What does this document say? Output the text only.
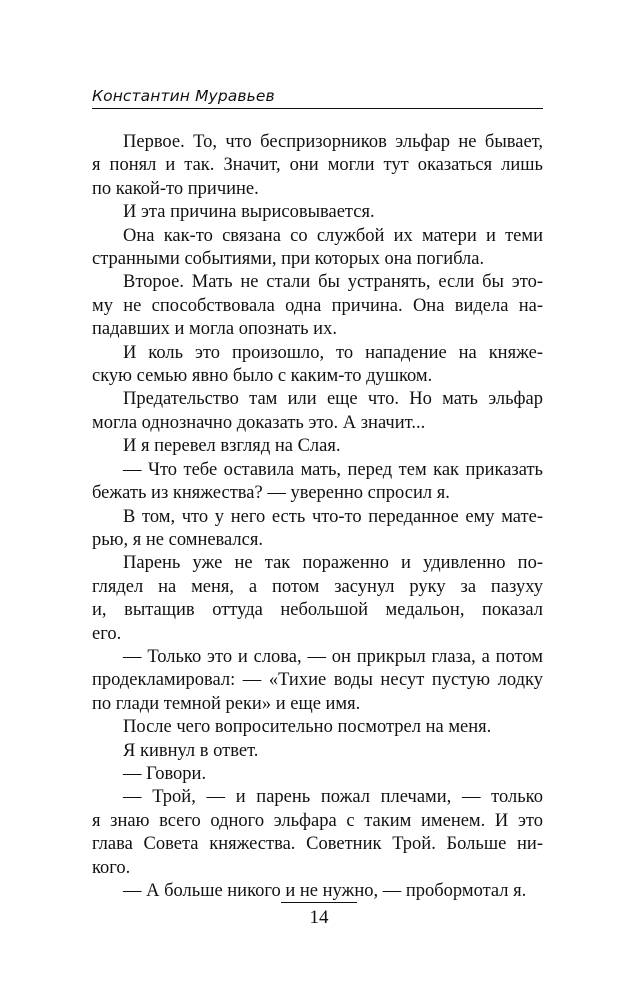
Константин Муравьев

Первое. То, что беспризорников эльфар не бывает,

я понял и так. Значит, они могли тут оказаться лишь

по какой-то причине.

И эта причина вырисовывается.

Она как-то связана со службой их матери и теми

странными событиями, при которых она погибла.

Второе. Мать не стали бы устранять, если бы это-

му не способствовала одна причина. Она видела на-

падавших и могла опознать их.

И коль это произошло, то нападение на княже-

скую семью явно было с каким-то душком.

Предательство там или еще что. Но мать эльфар

могла однозначно доказать это. А значит...

И я перевел взгляд на Слая.

— Что тебе оставила мать, перед тем как приказать

бежать из княжества? — уверенно спросил я.

В том, что у него есть что-то переданное ему мате-

рью, я не сомневался.

Парень уже не так пораженно и удивленно по-

глядел на меня, а потом засунул руку за пазуху

и, вытащив оттуда небольшой медальон, показал

его.

— Только это и слова, — он прикрыл глаза, а потом

продекламировал: — «Тихие воды несут пустую лодку

по глади темной реки» и еще имя.

После чего вопросительно посмотрел на меня.

Я кивнул в ответ.

— Говори.

— Трой, — и парень пожал плечами, — только

я знаю всего одного эльфара с таким именем. И это

глава Совета княжества. Советник Трой. Больше ни-

кого.

— А больше никого и не нужно, — пробормотал я.

14
